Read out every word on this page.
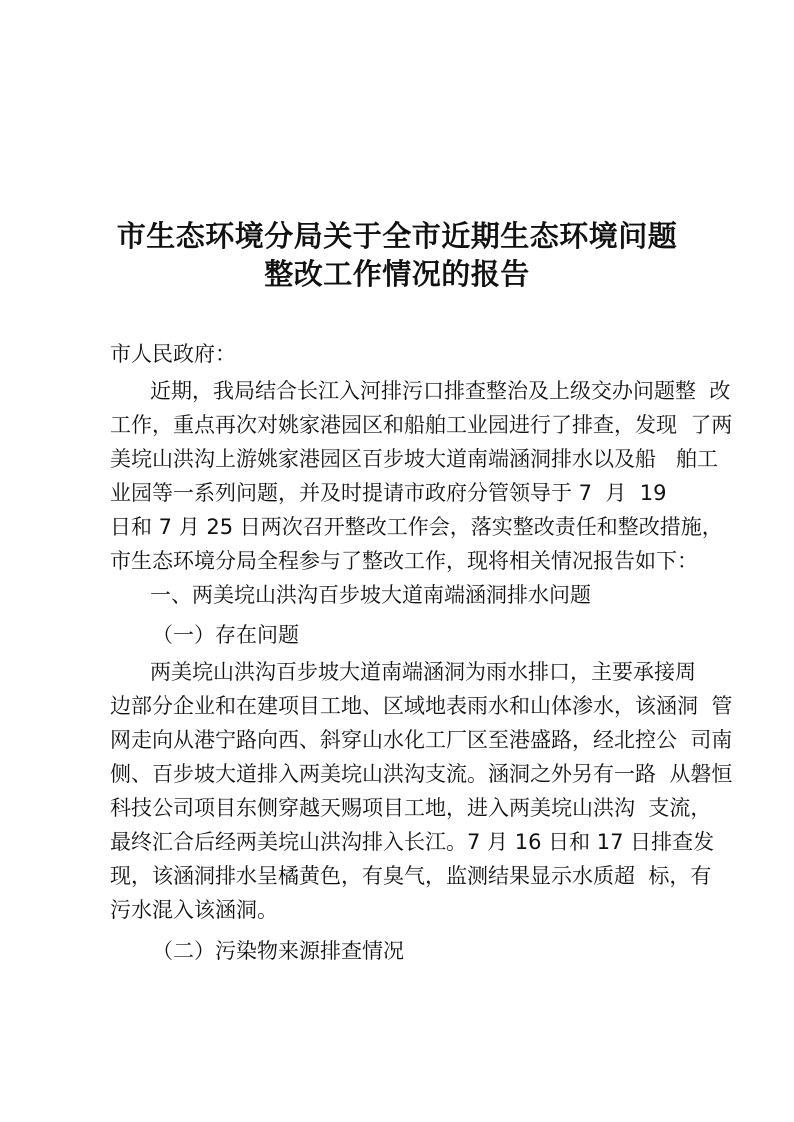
市生态环境分局关于全市近期生态环境问题
整改工作情况的报告
市人民政府：
近期，我局结合长江入河排污口排查整治及上级交办问题整  改
工作，重点再次对姚家港园区和船舶工业园进行了排查，发现  了两
美垸山洪沟上游姚家港园区百步坡大道南端涵洞排水以及船   舶工
业园等一系列问题，并及时提请市政府分管领导于 7  月  19
日和 7 月 25 日两次召开整改工作会，落实整改责任和整改措施，
市生态环境分局全程参与了整改工作，现将相关情况报告如下：
一、两美垸山洪沟百步坡大道南端涵洞排水问题
（一）存在问题
两美垸山洪沟百步坡大道南端涵洞为雨水排口，主要承接周
边部分企业和在建项目工地、区域地表雨水和山体渗水，该涵洞  管
网走向从港宁路向西、斜穿山水化工厂区至港盛路，经北控公  司南
侧、百步坡大道排入两美垸山洪沟支流。涵洞之外另有一路  从磐恒
科技公司项目东侧穿越天赐项目工地，进入两美垸山洪沟  支流，
最终汇合后经两美垸山洪沟排入长江。7 月 16 日和 17 日排查发
现，该涵洞排水呈橘黄色，有臭气，监测结果显示水质超  标，有
污水混入该涵洞。
（二）污染物来源排查情况
